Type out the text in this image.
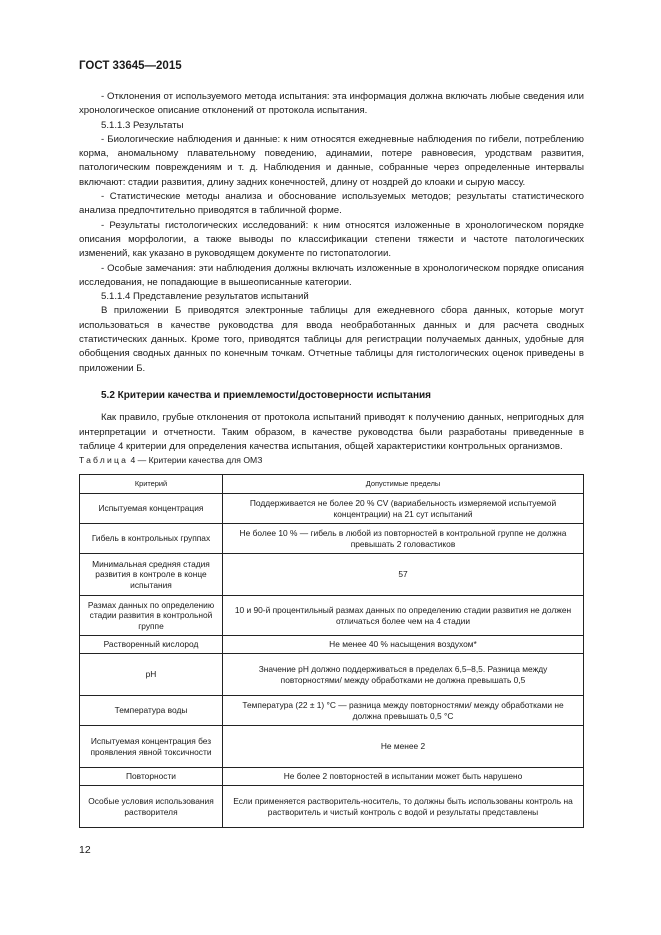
ГОСТ 33645—2015

- Отклонения от используемого метода испытания: эта информация должна включать любые сведения или хронологическое описание отклонений от протокола испытания.

5.1.1.3 Результаты

- Биологические наблюдения и данные: к ним относятся ежедневные наблюдения по гибели, потреблению корма, аномальному плавательному поведению, адинамии, потере равновесия, уродствам развития, патологическим повреждениям и т. д. Наблюдения и данные, собранные через определенные интервалы включают: стадии развития, длину задних конечностей, длину от ноздрей до клоаки и сырую массу.

- Статистические методы анализа и обоснование используемых методов; результаты статистического анализа предпочтительно приводятся в табличной форме.

- Результаты гистологических исследований: к ним относятся изложенные в хронологическом порядке описания морфологии, а также выводы по классификации степени тяжести и частоте патологических изменений, как указано в руководящем документе по гистопатологии.

- Особые замечания: эти наблюдения должны включать изложенные в хронологическом порядке описания исследования, не попадающие в вышеописанные категории.

5.1.1.4 Представление результатов испытаний

В приложении Б приводятся электронные таблицы для ежедневного сбора данных, которые могут использоваться в качестве руководства для ввода необработанных данных и для расчета сводных статистических данных. Кроме того, приводятся таблицы для регистрации получаемых данных, удобные для обобщения сводных данных по конечным точкам. Отчетные таблицы для гистологических оценок приведены в приложении Б.

5.2 Критерии качества и приемлемости/достоверности испытания

Как правило, грубые отклонения от протокола испытаний приводят к получению данных, непригодных для интерпретации и отчетности. Таким образом, в качестве руководства были разработаны приведенные в таблице 4 критерии для определения качества испытания, общей характеристики контрольных организмов.

Таблица 4 — Критерии качества для ОМЗ
Критерий	Допустимые пределы
Испытуемая концентрация	Поддерживается не более 20 % CV (вариабельность измеряемой испытуемой концентрации) на 21 сут испытаний
Гибель в контрольных группах	Не более 10 % — гибель в любой из повторностей в контрольной группе не должна превышать 2 головастиков
Минимальная средняя стадия развития в контроле в конце испытания	57
Размах данных по определению стадии развития в контрольной группе	10 и 90-й процентильный размах данных по определению стадии развития не должен отличаться более чем на 4 стадии
Растворенный кислород	Не менее 40 % насыщения воздухом*
pH	Значение pH должно поддерживаться в пределах 6,5–8,5. Разница между повторностями/ между обработками не должна превышать 0,5
Температура воды	Температура (22 ± 1) °C — разница между повторностями/ между обработками не должна превышать 0,5 °C
Испытуемая концентрация без проявления явной токсичности	Не менее 2
Повторности	Не более 2 повторностей в испытании может быть нарушено
Особые условия использования растворителя	Если применяется растворитель-носитель, то должны быть использованы контроль на растворитель и чистый контроль с водой и результаты представлены
12
